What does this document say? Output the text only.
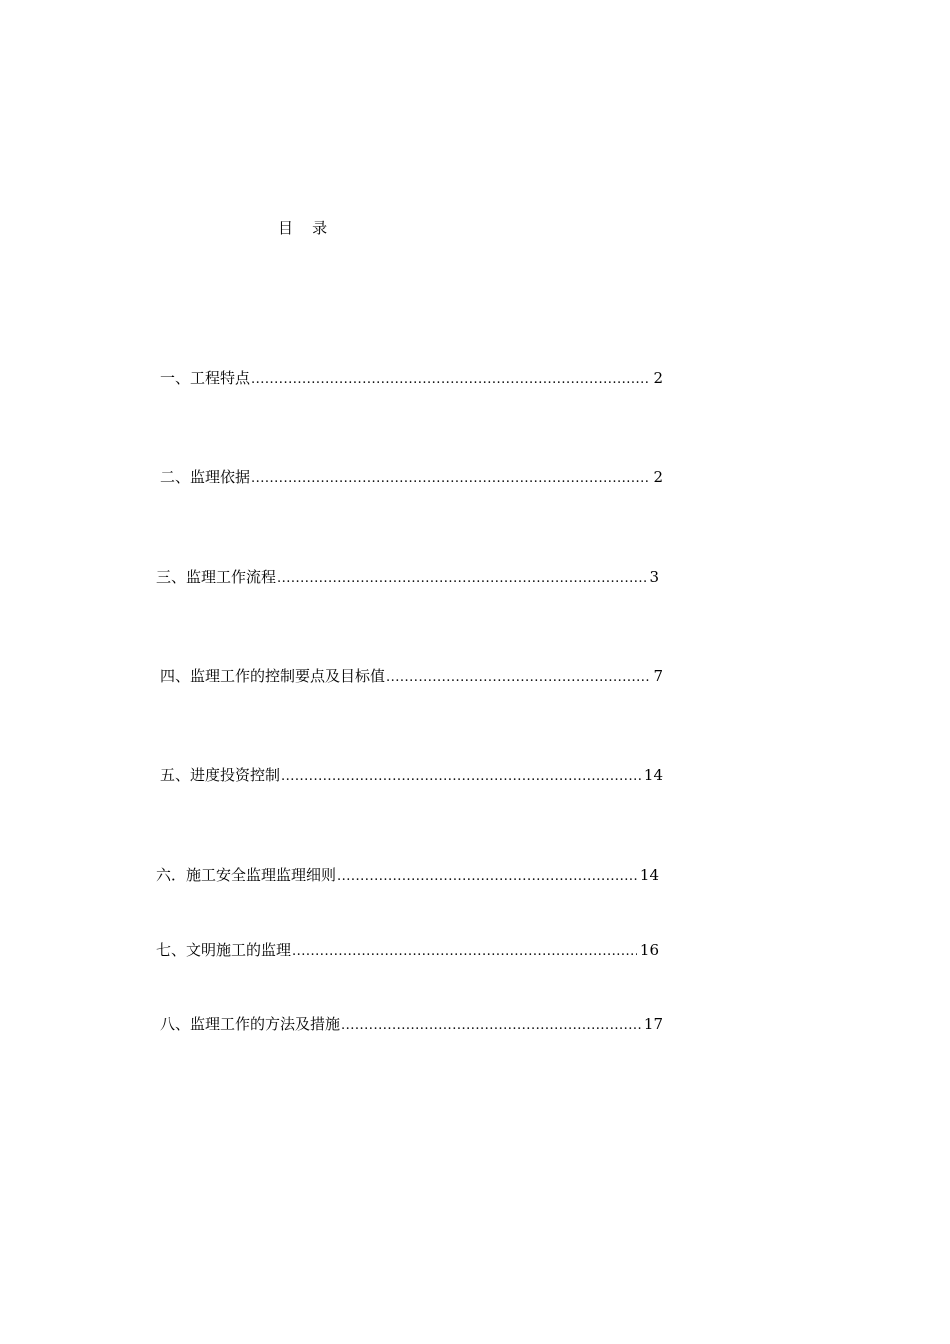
目    录
一、工程特点 .....	2
二、监理依据 .....	2
三、监理工作流程 .....	3
四、监理工作的控制要点及目标值 .....	7
五、进度投资控制 .....	14
六．施工安全监理监理细则 .....	14
七、文明施工的监理 .....	16
八、监理工作的方法及措施 .....	17
